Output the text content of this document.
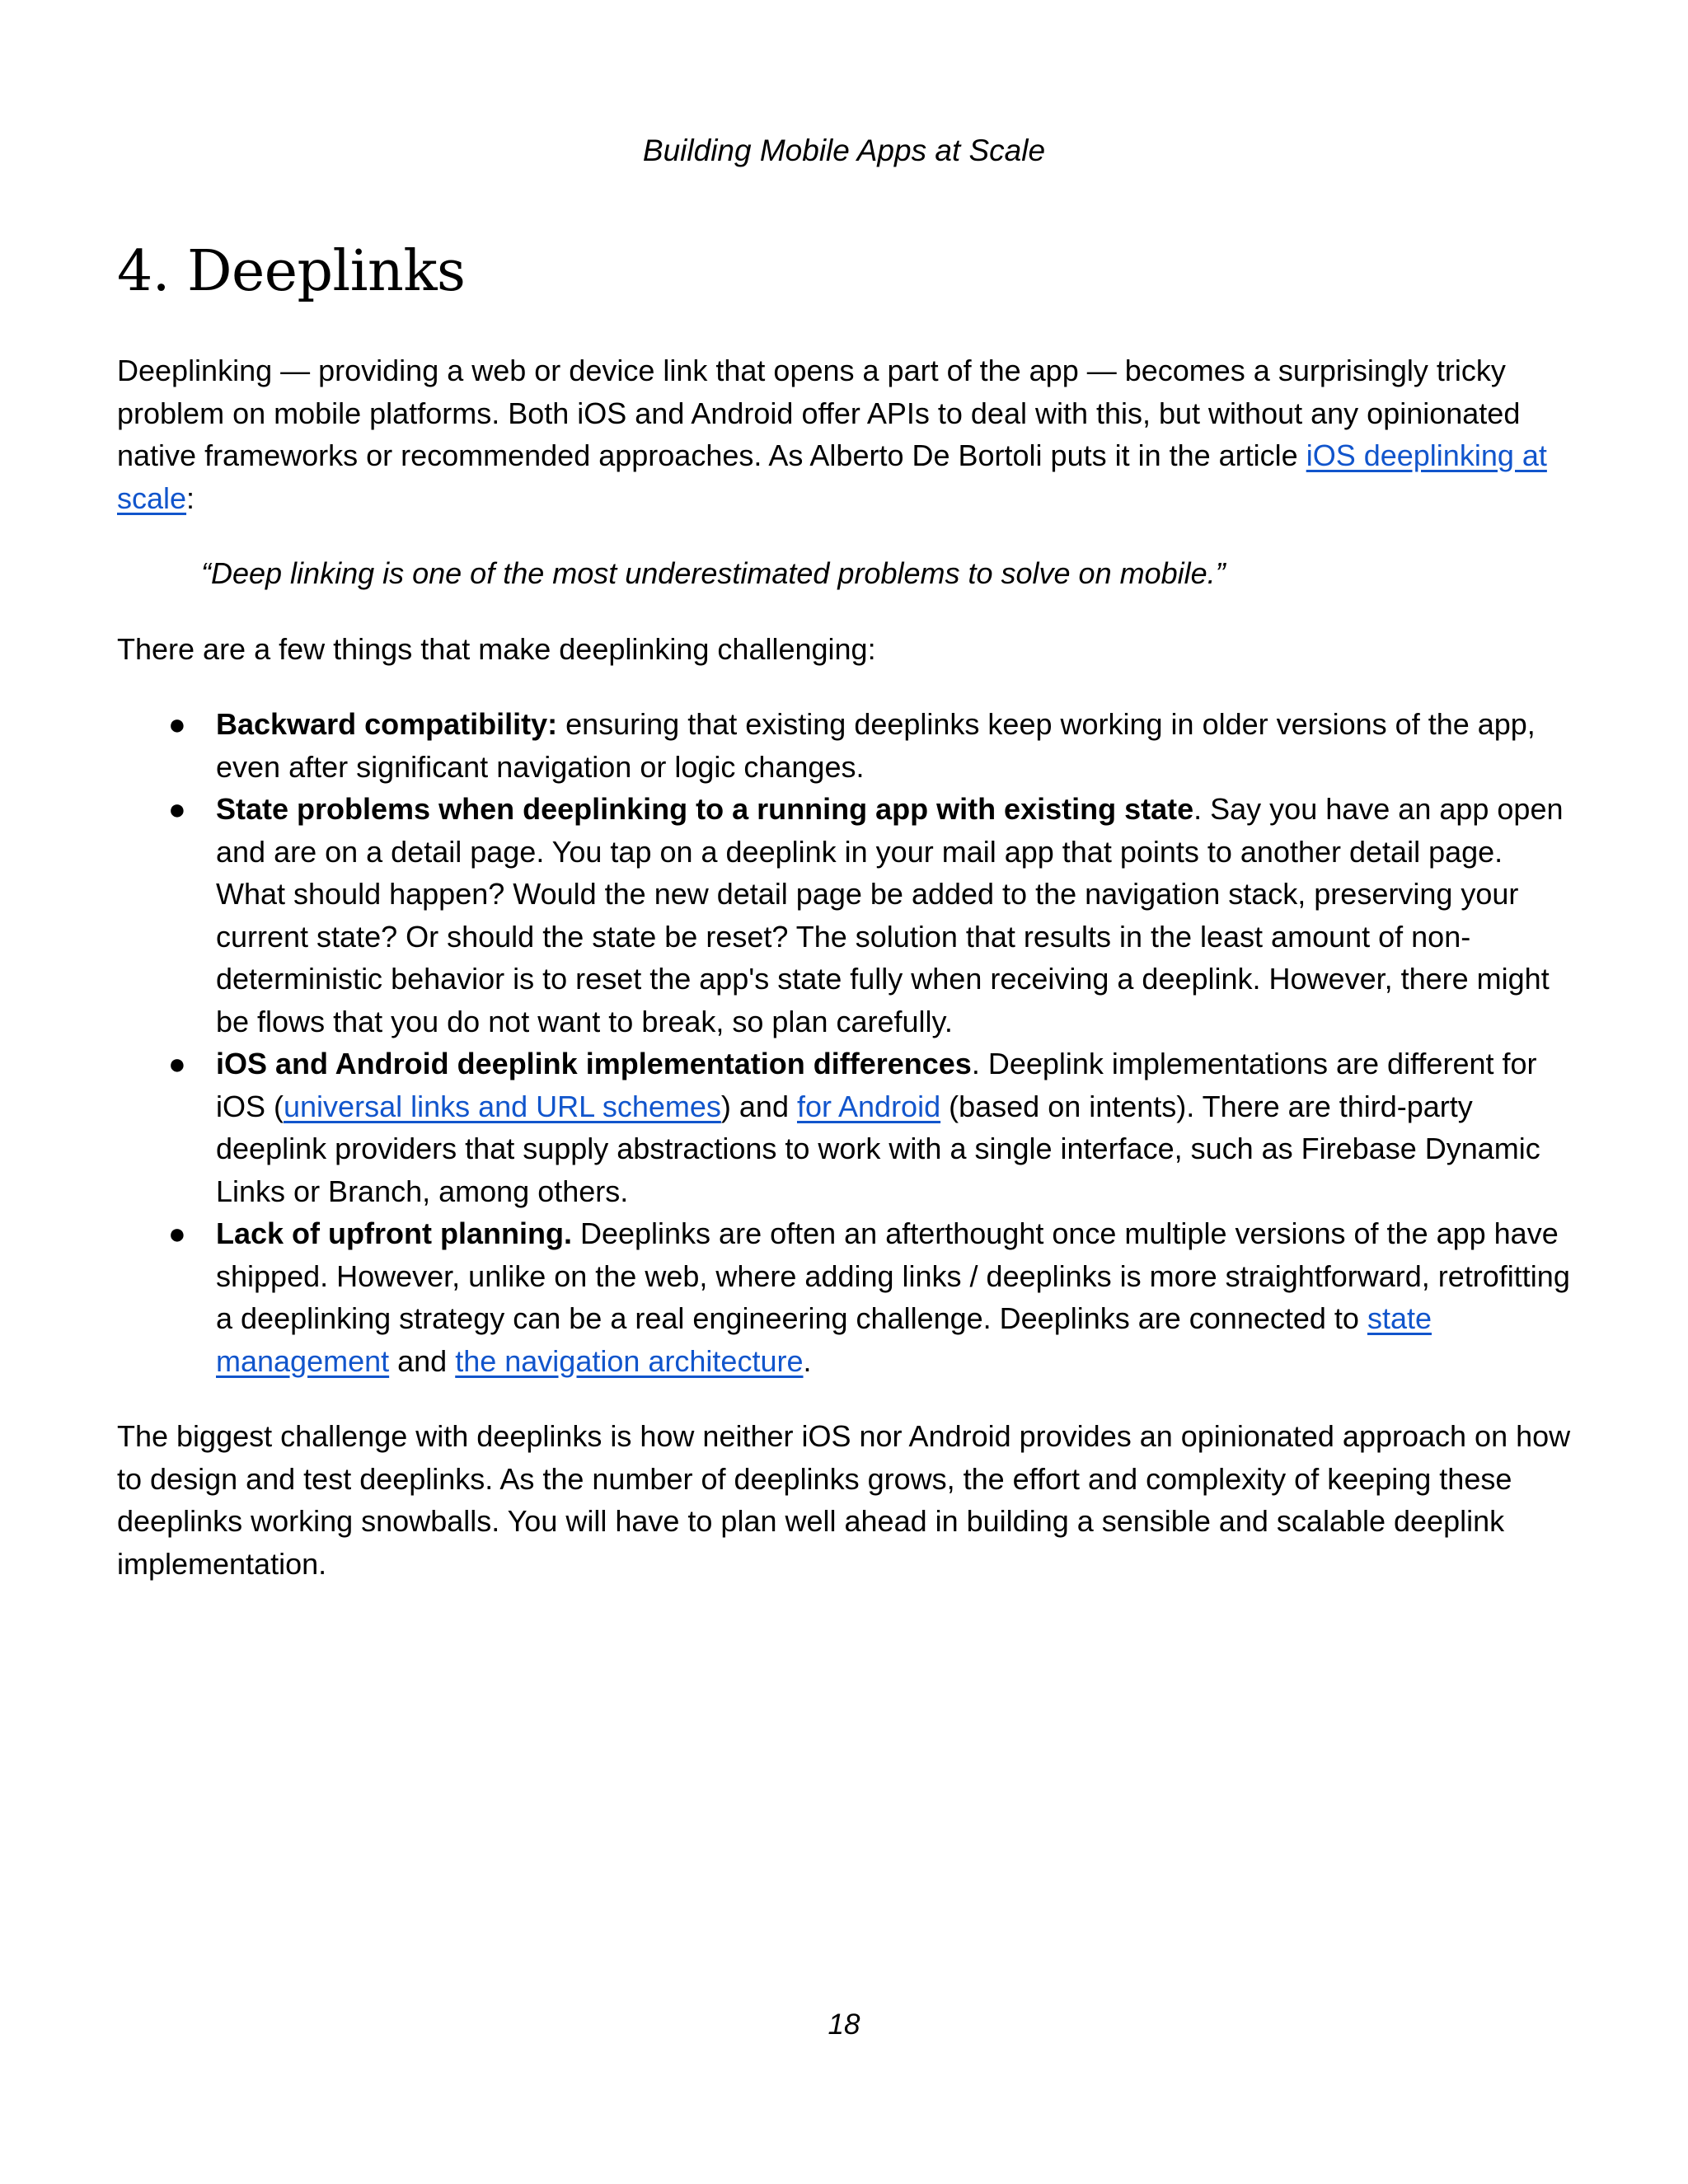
Building Mobile Apps at Scale
4. Deeplinks

Deeplinking — providing a web or device link that opens a part of the app — becomes a surprisingly tricky problem on mobile platforms. Both iOS and Android offer APIs to deal with this, but without any opinionated native frameworks or recommended approaches. As Alberto De Bortoli puts it in the article iOS deeplinking at scale:

“Deep linking is one of the most underestimated problems to solve on mobile.”

There are a few things that make deeplinking challenging:

● Backward compatibility: ensuring that existing deeplinks keep working in older versions of the app, even after significant navigation or logic changes.
● State problems when deeplinking to a running app with existing state. Say you have an app open and are on a detail page. You tap on a deeplink in your mail app that points to another detail page. What should happen? Would the new detail page be added to the navigation stack, preserving your current state? Or should the state be reset? The solution that results in the least amount of non-deterministic behavior is to reset the app's state fully when receiving a deeplink. However, there might be flows that you do not want to break, so plan carefully.
● iOS and Android deeplink implementation differences. Deeplink implementations are different for iOS (universal links and URL schemes) and for Android (based on intents). There are third-party deeplink providers that supply abstractions to work with a single interface, such as Firebase Dynamic Links or Branch, among others.
● Lack of upfront planning. Deeplinks are often an afterthought once multiple versions of the app have shipped. However, unlike on the web, where adding links / deeplinks is more straightforward, retrofitting a deeplinking strategy can be a real engineering challenge. Deeplinks are connected to state management and the navigation architecture.

The biggest challenge with deeplinks is how neither iOS nor Android provides an opinionated approach on how to design and test deeplinks. As the number of deeplinks grows, the effort and complexity of keeping these deeplinks working snowballs. You will have to plan well ahead in building a sensible and scalable deeplink implementation.

18
